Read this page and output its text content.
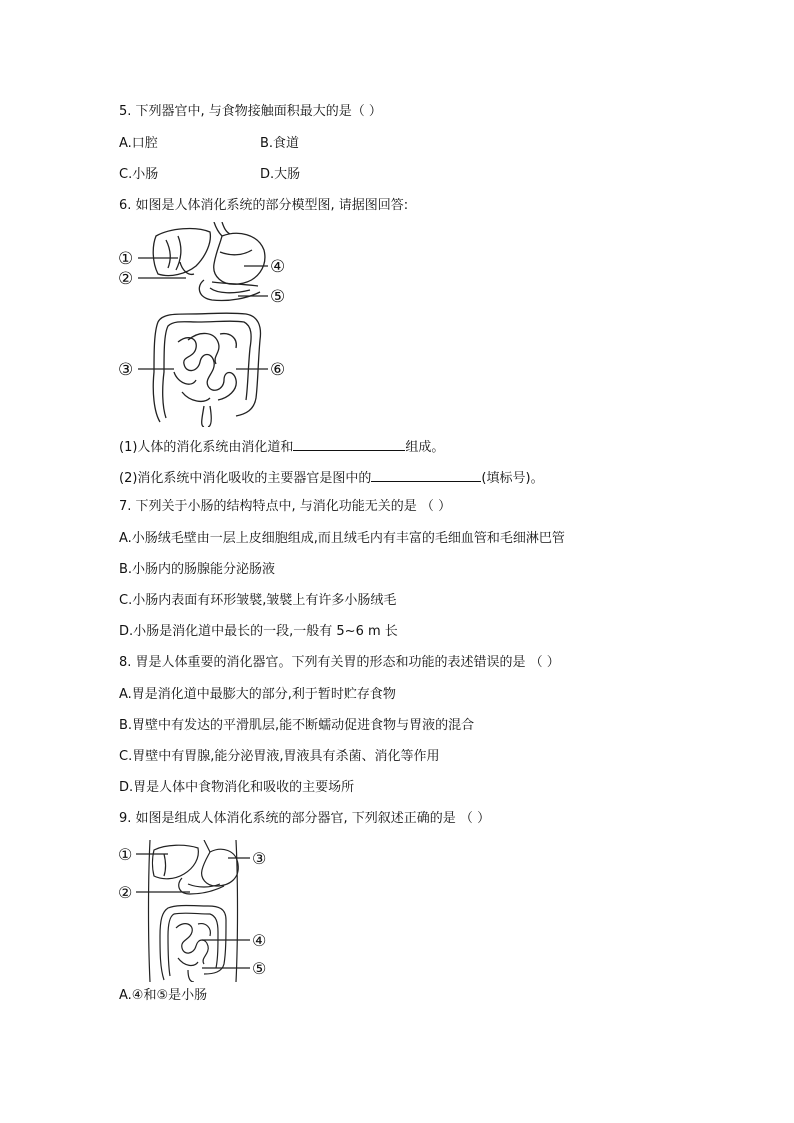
5. 下列器官中, 与食物接触面积最大的是（ ）
A.口腔	B.食道
C.小肠	D.大肠
6. 如图是人体消化系统的部分模型图, 请据图回答:
①
②
③
④
⑤
⑥
(1)人体的消化系统由消化道和	组成。
(2)消化系统中消化吸收的主要器官是图中的	(填标号)。
7. 下列关于小肠的结构特点中, 与消化功能无关的是 （ ）
A.小肠绒毛壁由一层上皮细胞组成,而且绒毛内有丰富的毛细血管和毛细淋巴管
B.小肠内的肠腺能分泌肠液
C.小肠内表面有环形皱襞,皱襞上有许多小肠绒毛
D.小肠是消化道中最长的一段,一般有 5~6 m 长
8. 胃是人体重要的消化器官。下列有关胃的形态和功能的表述错误的是 （ ）
A.胃是消化道中最膨大的部分,利于暂时贮存食物
B.胃壁中有发达的平滑肌层,能不断蠕动促进食物与胃液的混合
C.胃壁中有胃腺,能分泌胃液,胃液具有杀菌、消化等作用
D.胃是人体中食物消化和吸收的主要场所
9. 如图是组成人体消化系统的部分器官, 下列叙述正确的是 （ ）
①
②
③
④
⑤
A.④和⑤是小肠
